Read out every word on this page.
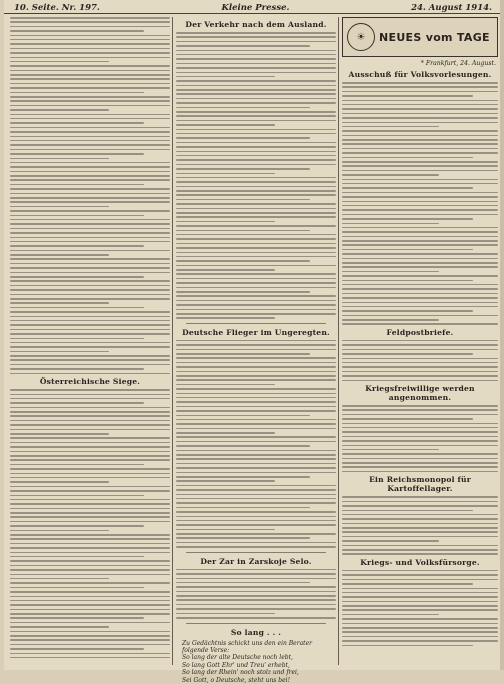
10. Seite. Nr. 197.	Kleine Presse.	24. August 1914.
Österreichische Siege.
Der Verkehr nach dem Ausland.
Deutsche Flieger im Ungeregten.
Der Zar in Zarskoje Selo.
So lang . . .
Zu Gedächtnis schickt uns den ein Berater folgende Verse:
So lang der alte Deutsche noch lebt,
So lang Gott Ehr' und Treu' erhebt,
So lang der Rhein' noch stolz und frei,
Sei Gott, o Deutsche, steht uns bei!
☀	NEUES vom TAGE
* Frankfurt, 24. August.
Ausschuß für Volksvorlesungen.
Feldpostbriefe.
Kriegsfreiwillige werden angenommen.
Ein Reichsmonopol für Kartoffellager.
Kriegs- und Volksfürsorge.
